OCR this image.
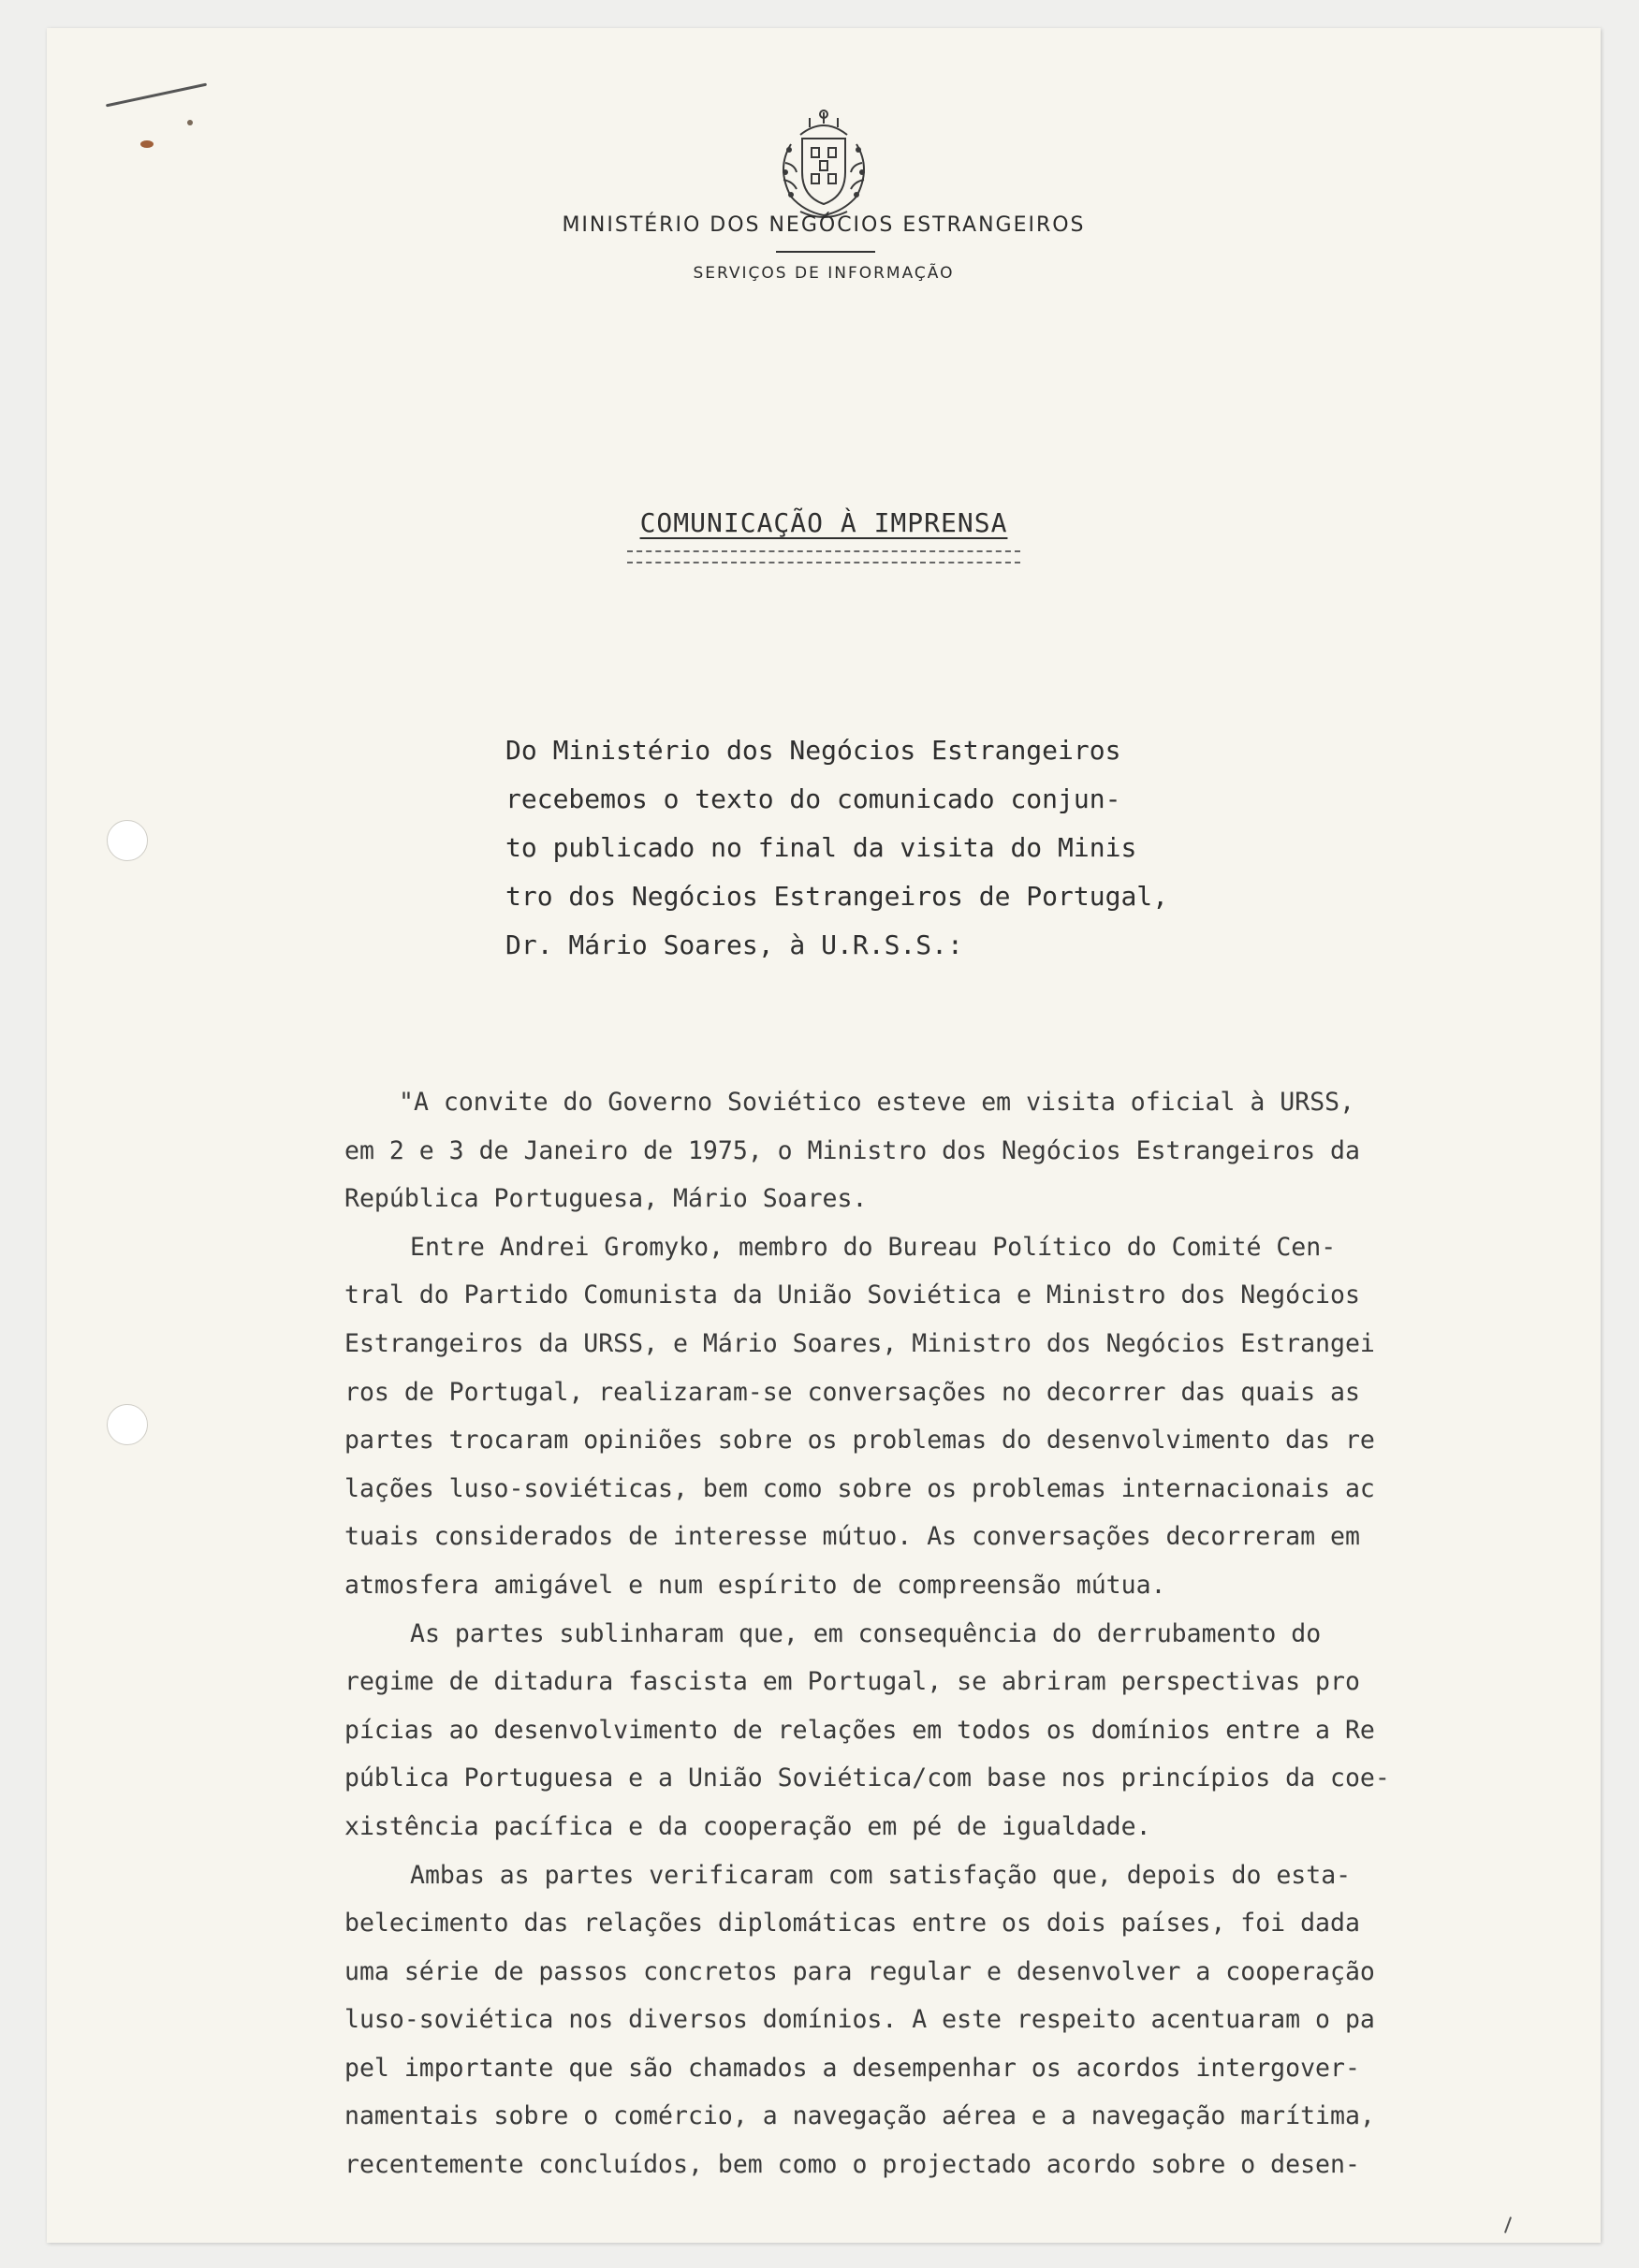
MINISTÉRIO DOS NEGÓCIOS ESTRANGEIROS
SERVIÇOS DE INFORMAÇÃO
COMUNICAÇÃO À IMPRENSA
Do Ministério dos Negócios Estrangeiros
recebemos o texto do comunicado conjun-
to publicado no final da visita do Minis
tro dos Negócios Estrangeiros de Portugal,
Dr. Mário Soares, à U.R.S.S.:
"A convite do Governo Soviético esteve em visita oficial à URSS,
em 2 e 3 de Janeiro de 1975, o Ministro dos Negócios Estrangeiros da
República Portuguesa, Mário Soares.
Entre Andrei Gromyko, membro do Bureau Político do Comité Cen-
tral do Partido Comunista da União Soviética e Ministro dos Negócios
Estrangeiros da URSS, e Mário Soares, Ministro dos Negócios Estrangei
ros de Portugal, realizaram-se conversações no decorrer das quais as
partes trocaram opiniões sobre os problemas do desenvolvimento das re
lações luso-soviéticas, bem como sobre os problemas internacionais ac
tuais considerados de interesse mútuo. As conversações decorreram em
atmosfera amigável e num espírito de compreensão mútua.
As partes sublinharam que, em consequência do derrubamento do
regime de ditadura fascista em Portugal, se abriram perspectivas pro
pícias ao desenvolvimento de relações em todos os domínios entre a Re
pública Portuguesa e a União Soviética/com base nos princípios da coe-
xistência pacífica e da cooperação em pé de igualdade.
Ambas as partes verificaram com satisfação que, depois do esta-
belecimento das relações diplomáticas entre os dois países, foi dada
uma série de passos concretos para regular e desenvolver a cooperação
luso-soviética nos diversos domínios. A este respeito acentuaram o pa
pel importante que são chamados a desempenhar os acordos intergover-
namentais sobre o comércio, a navegação aérea e a navegação marítima,
recentemente concluídos, bem como o projectado acordo sobre o desen-
